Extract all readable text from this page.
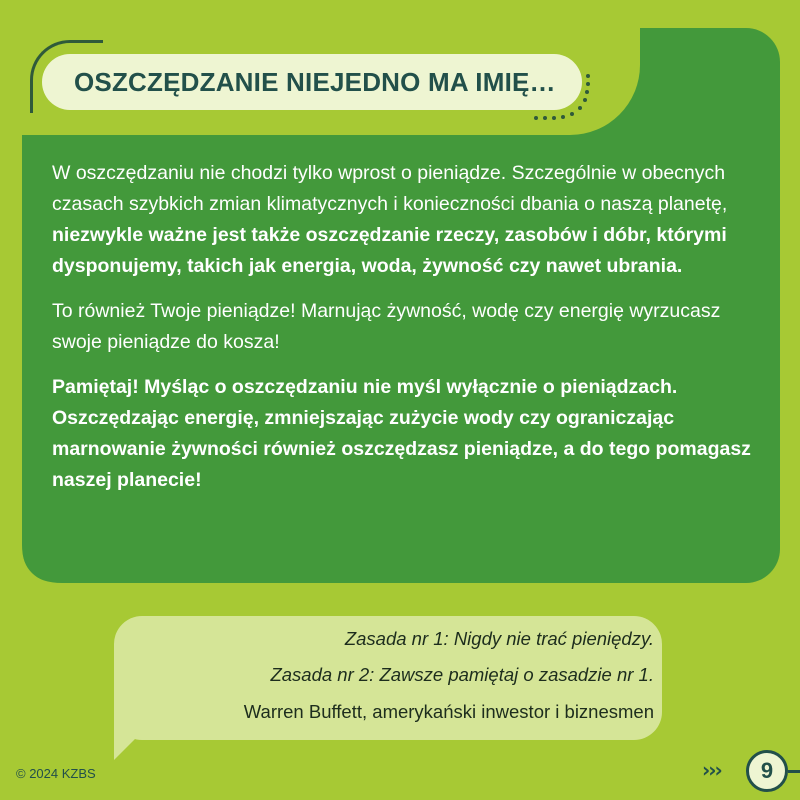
OSZCZĘDZANIE NIEJEDNO MA IMIĘ…

W oszczędzaniu nie chodzi tylko wprost o pieniądze. Szczególnie w obecnych czasach szybkich zmian klimatycznych i konieczności dbania o naszą planetę, niezwykle ważne jest także oszczędzanie rzeczy, zasobów i dóbr, którymi dysponujemy, takich jak energia, woda, żywność czy nawet ubrania.

To również Twoje pieniądze! Marnując żywność, wodę czy energię wyrzucasz swoje pieniądze do kosza!

Pamiętaj! Myśląc o oszczędzaniu nie myśl wyłącznie o pieniądzach. Oszczędzając energię, zmniejszając zużycie wody czy ograniczając marnowanie żywności również oszczędzasz pieniądze, a do tego pomagasz naszej planecie!

Zasada nr 1: Nigdy nie trać pieniędzy.
Zasada nr 2: Zawsze pamiętaj o zasadzie nr 1.
Warren Buffett, amerykański inwestor i biznesmen
© 2024 KZBS	›››	9
